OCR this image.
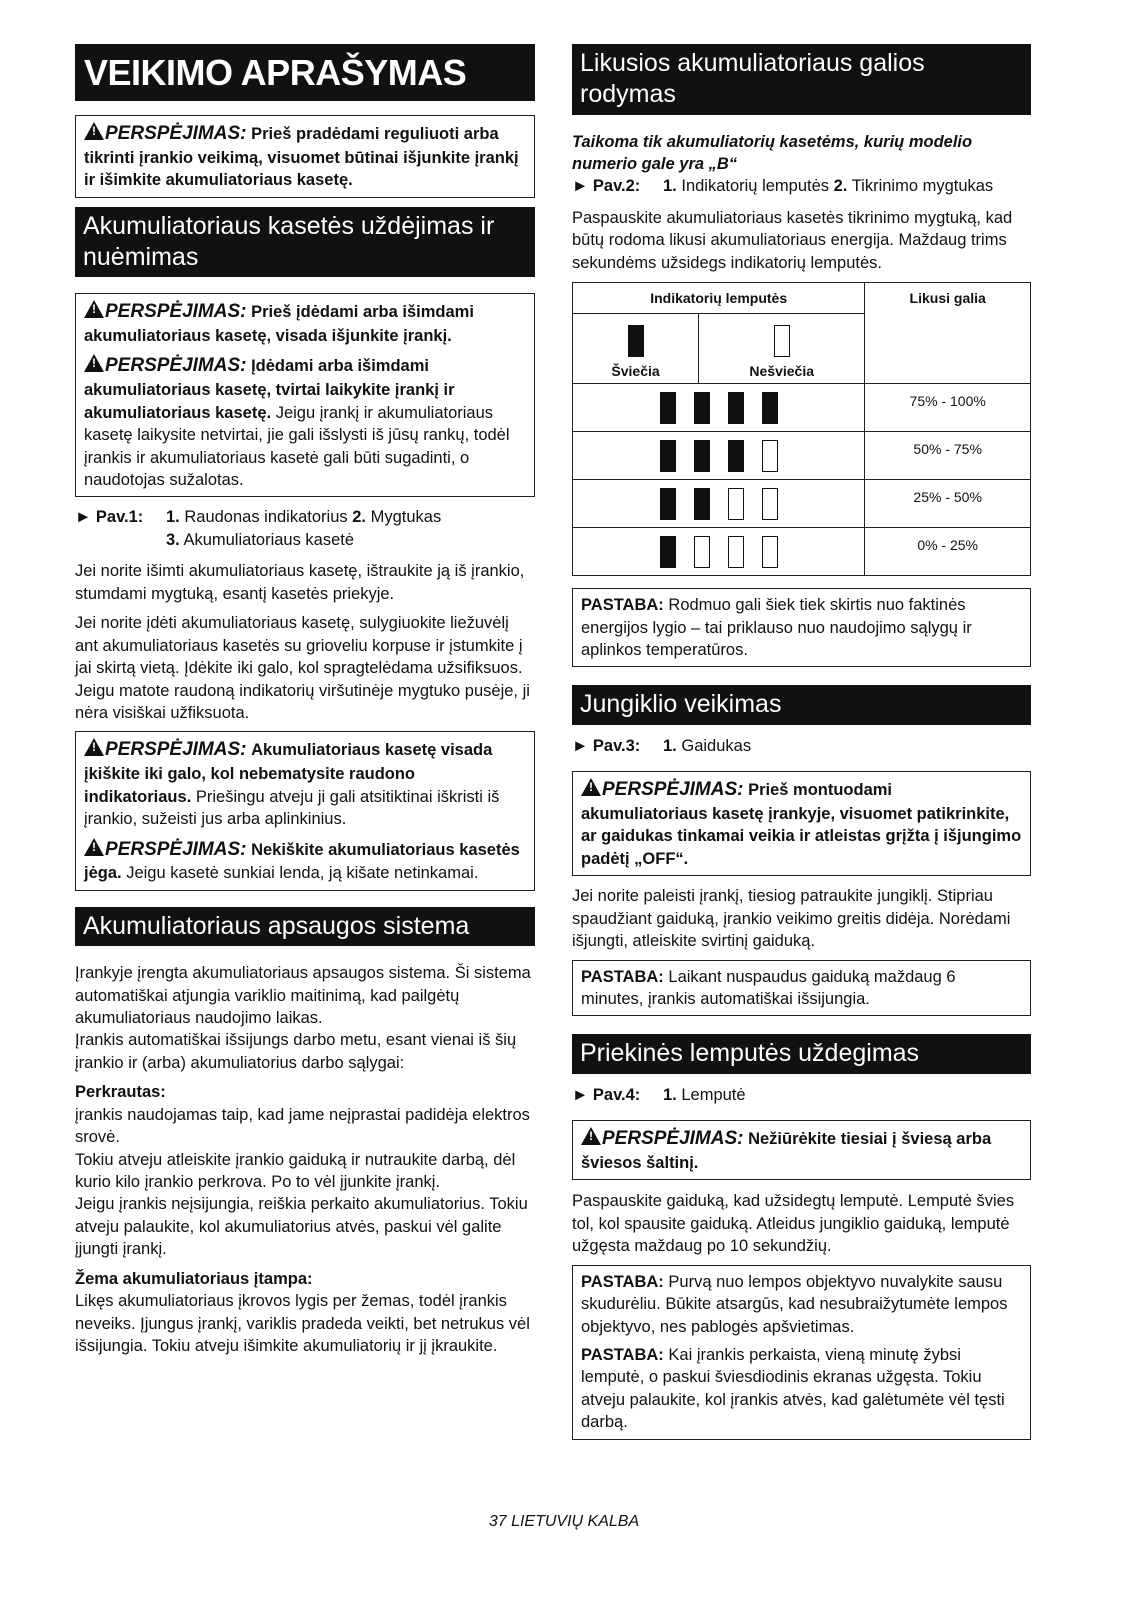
VEIKIMO APRAŠYMAS

!PERSPĖJIMAS: Prieš pradėdami reguliuoti arba tikrinti įrankio veikimą, visuomet būtinai išjunkite įrankį ir išimkite akumuliatoriaus kasetę.

Akumuliatoriaus kasetės uždėjimas ir nuėmimas

!PERSPĖJIMAS: Prieš įdėdami arba išimdami akumuliatoriaus kasetę, visada išjunkite įrankį.

!PERSPĖJIMAS: Įdėdami arba išimdami akumuliatoriaus kasetę, tvirtai laikykite įrankį ir akumuliatoriaus kasetę. Jeigu įrankį ir akumuliatoriaus kasetę laikysite netvirtai, jie gali išslysti iš jūsų rankų, todėl įrankis ir akumuliatoriaus kasetė gali būti sugadinti, o naudotojas sužalotas.

► Pav.1: 1. Raudonas indikatorius 2. Mygtukas
3. Akumuliatoriaus kasetė

Jei norite išimti akumuliatoriaus kasetę, ištraukite ją iš įrankio, stumdami mygtuką, esantį kasetės priekyje.

Jei norite įdėti akumuliatoriaus kasetę, sulygiuokite liežuvėlį ant akumuliatoriaus kasetės su grioveliu korpuse ir įstumkite į jai skirtą vietą. Įdėkite iki galo, kol spragtelėdama užsifiksuos. Jeigu matote raudoną indikatorių viršutinėje mygtuko pusėje, ji nėra visiškai užfiksuota.

!PERSPĖJIMAS: Akumuliatoriaus kasetę visada įkiškite iki galo, kol nebematysite raudono indikatoriaus. Priešingu atveju ji gali atsitiktinai iškristi iš įrankio, sužeisti jus arba aplinkinius.

!PERSPĖJIMAS: Nekiškite akumuliatoriaus kasetės jėga. Jeigu kasetė sunkiai lenda, ją kišate netinkamai.

Akumuliatoriaus apsaugos sistema

Įrankyje įrengta akumuliatoriaus apsaugos sistema. Ši sistema automatiškai atjungia variklio maitinimą, kad pailgėtų akumuliatoriaus naudojimo laikas.

Įrankis automatiškai išsijungs darbo metu, esant vienai iš šių įrankio ir (arba) akumuliatorius darbo sąlygai:

Perkrautas:

įrankis naudojamas taip, kad jame neįprastai padidėja elektros srovė.

Tokiu atveju atleiskite įrankio gaiduką ir nutraukite darbą, dėl kurio kilo įrankio perkrova. Po to vėl įjunkite įrankį.

Jeigu įrankis neįsijungia, reiškia perkaito akumuliatorius. Tokiu atveju palaukite, kol akumuliatorius atvės, paskui vėl galite įjungti įrankį.

Žema akumuliatoriaus įtampa:

Likęs akumuliatoriaus įkrovos lygis per žemas, todėl įrankis neveiks. Įjungus įrankį, variklis pradeda veikti, bet netrukus vėl išsijungia. Tokiu atveju išimkite akumuliatorių ir jį įkraukite.

Likusios akumuliatoriaus galios rodymas

Taikoma tik akumuliatorių kasetėms, kurių modelio numerio gale yra „B“

► Pav.2: 1. Indikatorių lemputės 2. Tikrinimo mygtukas

Paspauskite akumuliatoriaus kasetės tikrinimo mygtuką, kad būtų rodoma likusi akumuliatoriaus energija. Maždaug trims sekundėms užsidegs indikatorių lemputės.

Indikatorių lemputės		Likusi galia

Šviečia	Nešviečia	

		75% - 100%

		50% - 75%

		25% - 50%

		0% - 25%

PASTABA: Rodmuo gali šiek tiek skirtis nuo faktinės energijos lygio – tai priklauso nuo naudojimo sąlygų ir aplinkos temperatūros.

Jungiklio veikimas
► Pav.3: 1. Gaidukas

!PERSPĖJIMAS: Prieš montuodami akumuliatoriaus kasetę įrankyje, visuomet patikrinkite, ar gaidukas tinkamai veikia ir atleistas grįžta į išjungimo padėtį „OFF“.

Jei norite paleisti įrankį, tiesiog patraukite jungiklį. Stipriau spaudžiant gaiduką, įrankio veikimo greitis didėja. Norėdami išjungti, atleiskite svirtinį gaiduką.

PASTABA: Laikant nuspaudus gaiduką maždaug 6 minutes, įrankis automatiškai išsijungia.

Priekinės lemputės uždegimas
► Pav.4: 1. Lemputė

!PERSPĖJIMAS: Nežiūrėkite tiesiai į šviesą arba šviesos šaltinį.

Paspauskite gaiduką, kad užsidegtų lemputė. Lemputė švies tol, kol spausite gaiduką. Atleidus jungiklio gaiduką, lemputė užgęsta maždaug po 10 sekundžių.

PASTABA: Purvą nuo lempos objektyvo nuvalykite sausu skudurėliu. Būkite atsargūs, kad nesubraižytumėte lempos objektyvo, nes pablogės apšvietimas.

PASTABA: Kai įrankis perkaista, vieną minutę žybsi lemputė, o paskui šviesdiodinis ekranas užgęsta. Tokiu atveju palaukite, kol įrankis atvės, kad galėtumėte vėl tęsti darbą.

37 LIETUVIŲ KALBA
